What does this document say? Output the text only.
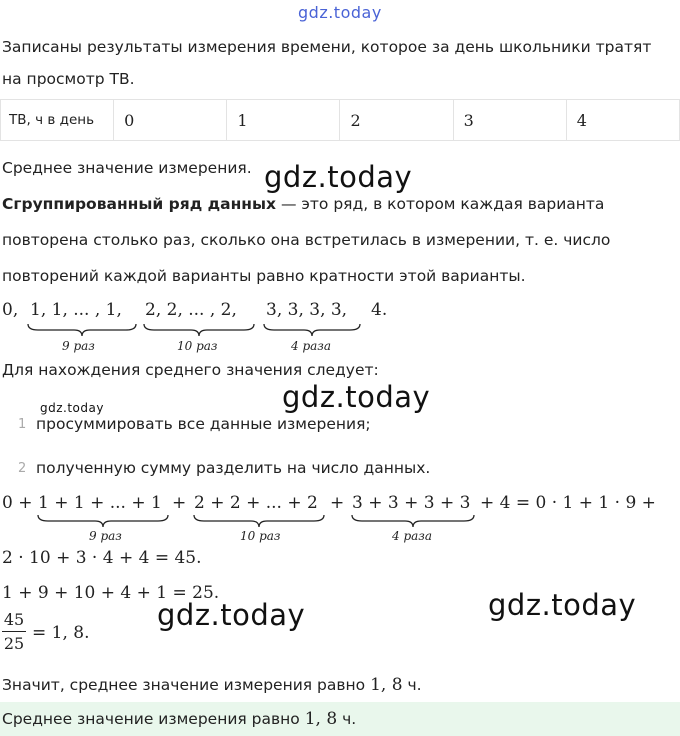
gdz.today
Записаны результаты измерения времени, которое за день школьники тратят
на просмотр ТВ.
ТВ, ч в день	0	1	2	3	4
Среднее значение измерения. gdz.today
Сгруппированный ряд данных — это ряд, в котором каждая варианта
повторена столько раз, сколько она встретилась в измерении, т. е. число
повторений каждой варианты равно кратности этой варианты.
0, 1, 1, ... , 1, 2, 2, ... , 2, 3, 3, 3, 3, 4.
9 раз	10 раз	4 раза
Для нахождения среднего значения следует:
gdz.today
gdz.today
1 просуммировать все данные измерения;
2 полученную сумму разделить на число данных.
0 + 1 + 1 + ... + 1 + 2 + 2 + ... + 2 + 3 + 3 + 3 + 3 + 4 = 0 · 1 + 1 · 9 +
9 раз	10 раз	4 раза
2 · 10 + 3 · 4 + 4 = 45.
1 + 9 + 10 + 4 + 1 = 25.
45
25
= 1, 8.
gdz.today	gdz.today
Значит, среднее значение измерения равно 1, 8 ч.
Среднее значение измерения равно 1, 8 ч.
